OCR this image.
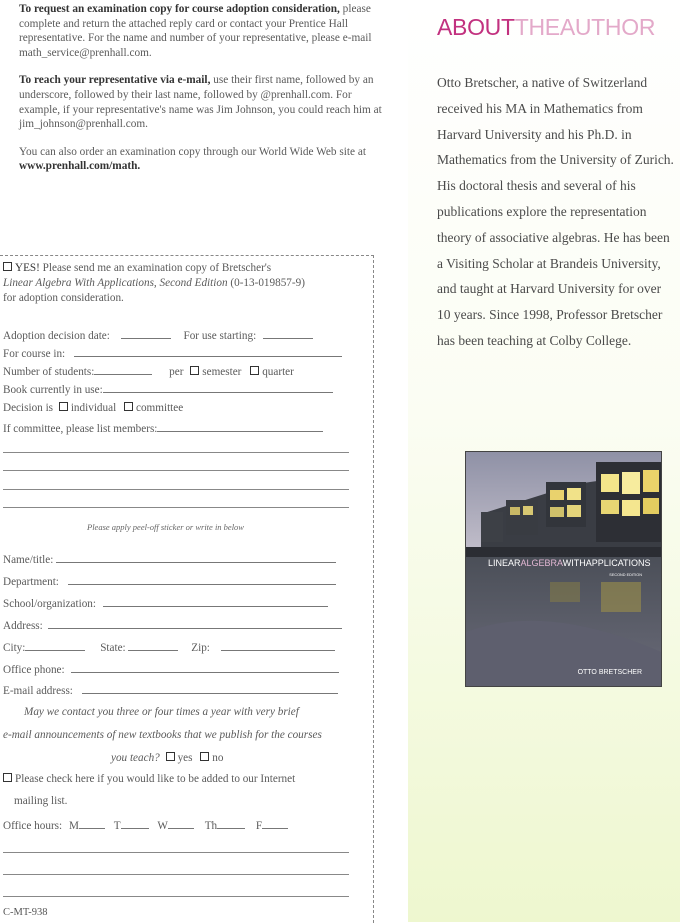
To request an examination copy for course adoption consideration, please complete and return the attached reply card or contact your Prentice Hall representative. For the name and number of your representative, please e-mail math_service@prenhall.com.

To reach your representative via e-mail, use their first name, followed by an underscore, followed by their last name, followed by @prenhall.com. For example, if your representative's name was Jim Johnson, you could reach him at jim_johnson@prenhall.com.

You can also order an examination copy through our World Wide Web site at www.prenhall.com/math.

YES! Please send me an examination copy of Bretscher's
Linear Algebra With Applications, Second Edition (0-13-019857-9)
for adoption consideration.
Adoption decision date:	For use starting:
For course in:
Number of students:	per semester quarter
Book currently in use:
Decision is individual committee
If committee, please list members:
Please apply peel-off sticker or write in below
Name/title:
Department:
School/organization:
Address:
City:	State:	Zip:
Office phone:
E-mail address:
May we contact you three or four times a year with very brief
e-mail announcements of new textbooks that we publish for the courses
you teach? yes no
Please check here if you would like to be added to our Internet
mailing list.
Office hours: M	T	W	Th	F
C-MT-938
ABOUTTHEAUTHOR
Otto Bretscher, a native of Switzerland received his MA in Mathematics from Harvard University and his Ph.D. in Mathematics from the University of Zurich. His doctoral thesis and several of his publications explore the representation theory of associative algebras. He has been a Visiting Scholar at Brandeis University, and taught at Harvard University for over 10 years. Since 1998, Professor Bretscher has been teaching at Colby College.
LINEARALGEBRAWITHAPPLICATIONS
SECOND EDITION
OTTO BRETSCHER
